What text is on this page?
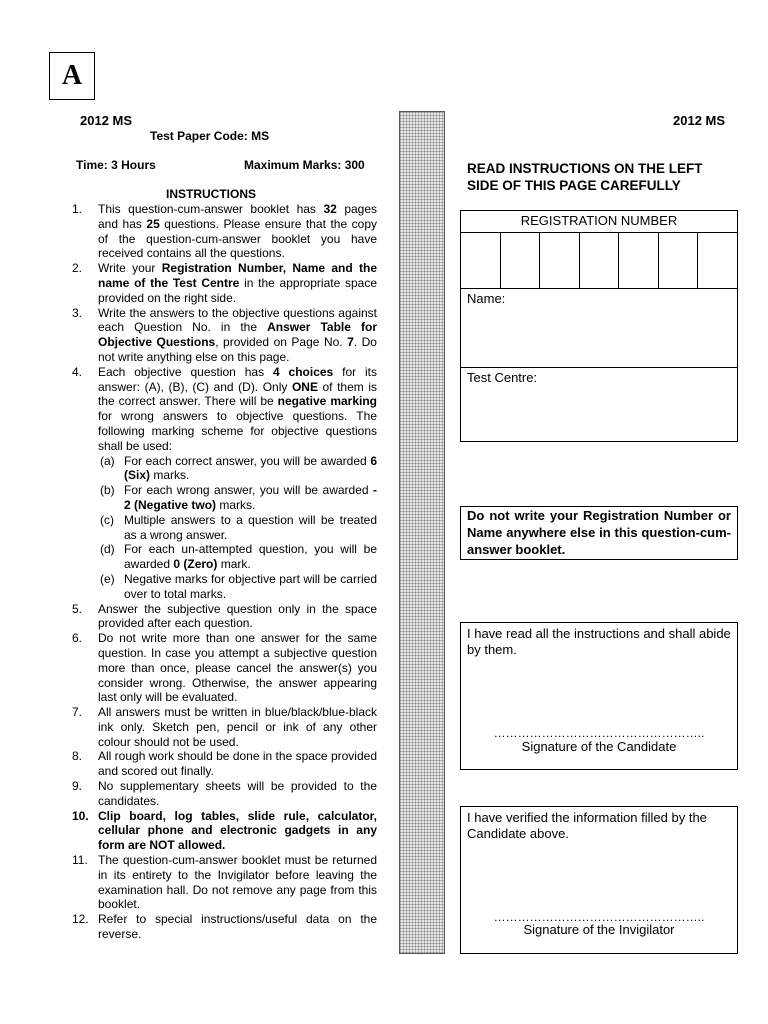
A
2012 MS
Test Paper Code: MS
Time: 3 Hours	Maximum Marks: 300
INSTRUCTIONS
1. This question-cum-answer booklet has 32 pages and has 25 questions. Please ensure that the copy of the question-cum-answer booklet you have received contains all the questions.
2. Write your Registration Number, Name and the name of the Test Centre in the appropriate space provided on the right side.
3. Write the answers to the objective questions against each Question No. in the Answer Table for Objective Questions, provided on Page No. 7. Do not write anything else on this page.
4. Each objective question has 4 choices for its answer: (A), (B), (C) and (D). Only ONE of them is the correct answer. There will be negative marking for wrong answers to objective questions. The following marking scheme for objective questions shall be used:
(a) For each correct answer, you will be awarded 6 (Six) marks.
(b) For each wrong answer, you will be awarded - 2 (Negative two) marks.
(c) Multiple answers to a question will be treated as a wrong answer.
(d) For each un-attempted question, you will be awarded 0 (Zero) mark.
(e) Negative marks for objective part will be carried over to total marks.
5. Answer the subjective question only in the space provided after each question.
6. Do not write more than one answer for the same question. In case you attempt a subjective question more than once, please cancel the answer(s) you consider wrong. Otherwise, the answer appearing last only will be evaluated.
7. All answers must be written in blue/black/blue-black ink only. Sketch pen, pencil or ink of any other colour should not be used.
8. All rough work should be done in the space provided and scored out finally.
9. No supplementary sheets will be provided to the candidates.
10. Clip board, log tables, slide rule, calculator, cellular phone and electronic gadgets in any form are NOT allowed.
11. The question-cum-answer booklet must be returned in its entirety to the Invigilator before leaving the examination hall. Do not remove any page from this booklet.
12. Refer to special instructions/useful data on the reverse.
2012 MS
READ INSTRUCTIONS ON THE LEFT SIDE OF THIS PAGE CAREFULLY
REGISTRATION NUMBER
Name:
Test Centre:
Do not write your Registration Number or Name anywhere else in this question-cum-answer booklet.
I have read all the instructions and shall abide by them.
……………………………………………..
Signature of the Candidate
I have verified the information filled by the Candidate above.
……………………………………………..
Signature of the Invigilator
